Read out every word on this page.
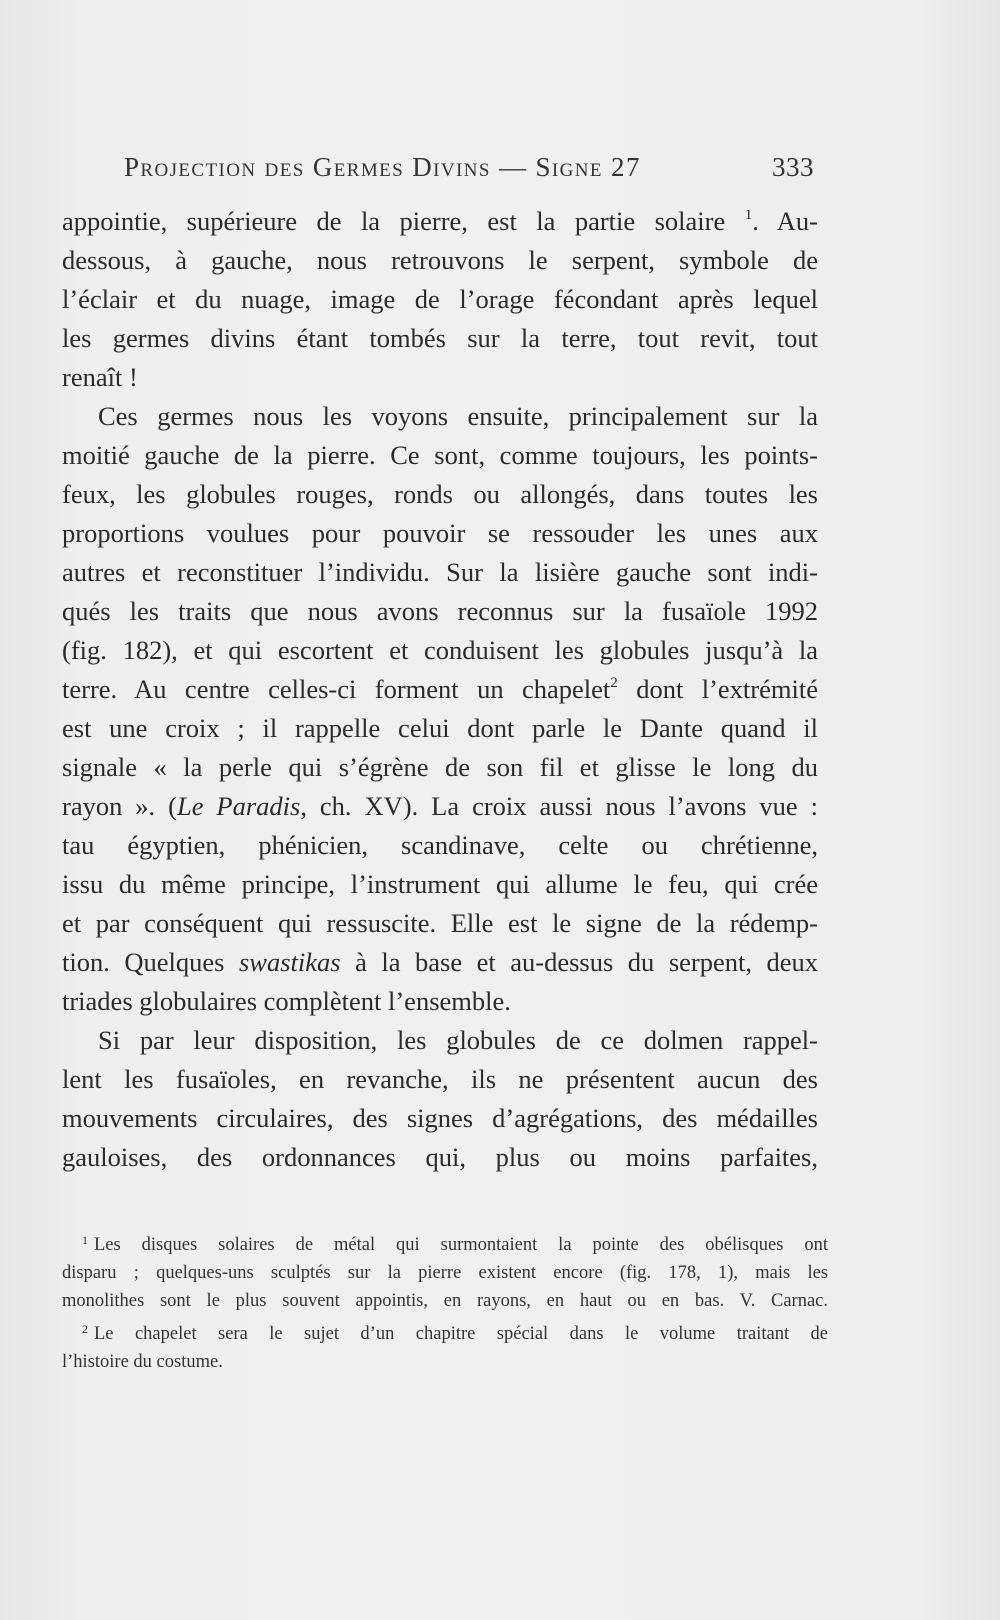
Projection des Germes Divins — Signe 27	333

appointie, supérieure de la pierre, est la partie solaire $^1$. Au-
dessous, à gauche, nous retrouvons le serpent, symbole de
l’éclair et du nuage, image de l’orage fécondant après lequel
les germes divins étant tombés sur la terre, tout revit, tout
renaît !

Ces germes nous les voyons ensuite, principalement sur la
moitié gauche de la pierre. Ce sont, comme toujours, les points-
feux, les globules rouges, ronds ou allongés, dans toutes les
proportions voulues pour pouvoir se ressouder les unes aux
autres et reconstituer l’individu. Sur la lisière gauche sont indi-
qués les traits que nous avons reconnus sur la fusaïole 1992
(fig. 182), et qui escortent et conduisent les globules jusqu’à la
terre. Au centre celles-ci forment un chapelet$^2$ dont l’extrémité
est une croix ; il rappelle celui dont parle le Dante quand il
signale « la perle qui s’égrène de son fil et glisse le long du
rayon ». (Le Paradis, ch. XV). La croix aussi nous l’avons vue :
tau égyptien, phénicien, scandinave, celte ou chrétienne,
issu du même principe, l’instrument qui allume le feu, qui crée
et par conséquent qui ressuscite. Elle est le signe de la rédemp-
tion. Quelques swastikas à la base et au-dessus du serpent, deux
triades globulaires complètent l’ensemble.

Si par leur disposition, les globules de ce dolmen rappel-
lent les fusaïoles, en revanche, ils ne présentent aucun des
mouvements circulaires, des signes d’agrégations, des médailles
gauloises, des ordonnances qui, plus ou moins parfaites,

$^1$ Les disques solaires de métal qui surmontaient la pointe des obélisques ont
disparu ; quelques-uns sculptés sur la pierre existent encore (fig. 178, 1), mais les
monolithes sont le plus souvent appointis, en rayons, en haut ou en bas. V. Carnac.
$^2$ Le chapelet sera le sujet d’un chapitre spécial dans le volume traitant de
l’histoire du costume.
